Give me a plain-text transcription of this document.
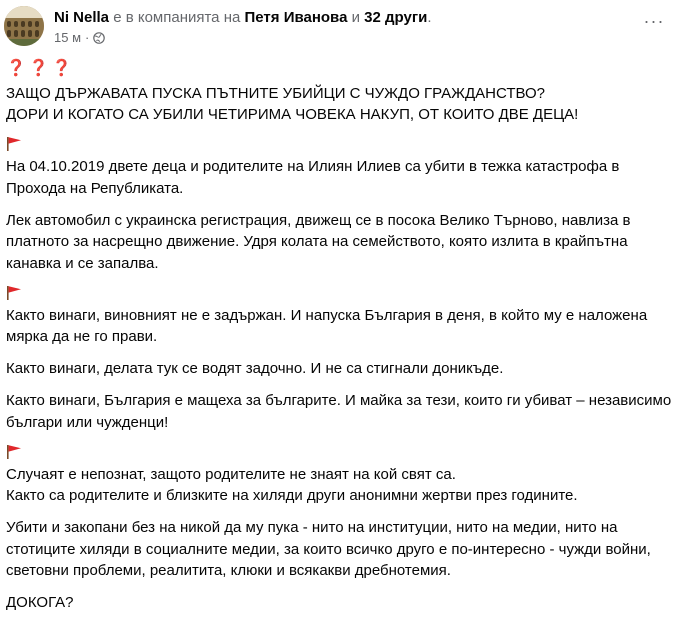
Ni Nella е в компанията на Петя Иванова и 32 други.
15 м ·
···

❓❓❓

ЗАЩО ДЪРЖАВАТА ПУСКА ПЪТНИТЕ УБИЙЦИ С ЧУЖДО ГРАЖДАНСТВО?

ДОРИ И КОГАТО СА УБИЛИ ЧЕТИРИМА ЧОВЕКА НАКУП, ОТ КОИТО ДВЕ ДЕЦА!

На 04.10.2019 двете деца и родителите на Илиян Илиев са убити в тежка катастрофа в Прохода на Републиката.

Лек автомобил с украинска регистрация, движещ се в посока Велико Търново, навлиза в платното за насрещно движение. Удря колата на семейството, която излита в крайпътна канавка и се запалва.

Както винаги, виновният не е задържан. И напуска България в деня, в който му е наложена мярка да не го прави.

Както винаги, делата тук се водят задочно. И не са стигнали доникъде.

Както винаги, България е мащеха за българите. И майка за тези, които ги убиват – независимо българи или чужденци!

Случаят е непознат, защото родителите не знаят на кой свят са.

Както са родителите и близките на хиляди други анонимни жертви през годините.

Убити и закопани без на никой да му пука - нито на институции, нито на медии, нито на стотиците хиляди в социалните медии, за които всичко друго е по-интересно - чужди войни, световни проблеми, реалитита, клюки и всякакви дребнотемия.

ДОКОГА?
